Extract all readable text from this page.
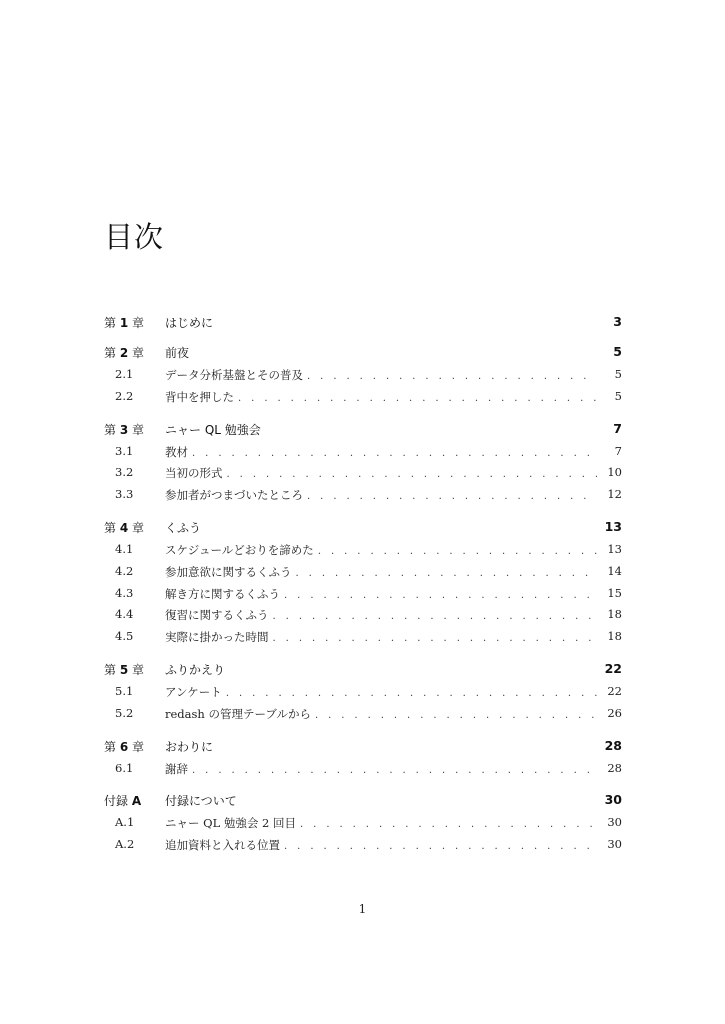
目次
第 1 章 はじめに	3
第 2 章 前夜	5
2.1	データ分析基盤とその普及 . . .	5
2.2	背中を押した . . .	5
第 3 章 ニャー QL 勉強会	7
3.1	教材 . . .	7
3.2	当初の形式 . . .	10
3.3	参加者がつまづいたところ . . .	12
第 4 章 くふう	13
4.1	スケジュールどおりを諦めた . . .	13
4.2	参加意欲に関するくふう . . .	14
4.3	解き方に関するくふう . . .	15
4.4	復習に関するくふう . . .	18
4.5	実際に掛かった時間 . . .	18
第 5 章 ふりかえり	22
5.1	アンケート . . .	22
5.2	redash の管理テーブルから . . .	26
第 6 章 おわりに	28
6.1	謝辞 . . .	28
付録 A 付録について	30
A.1	ニャー QL 勉強会 2 回目 . . .	30
A.2	追加資料と入れる位置 . . .	30
1
